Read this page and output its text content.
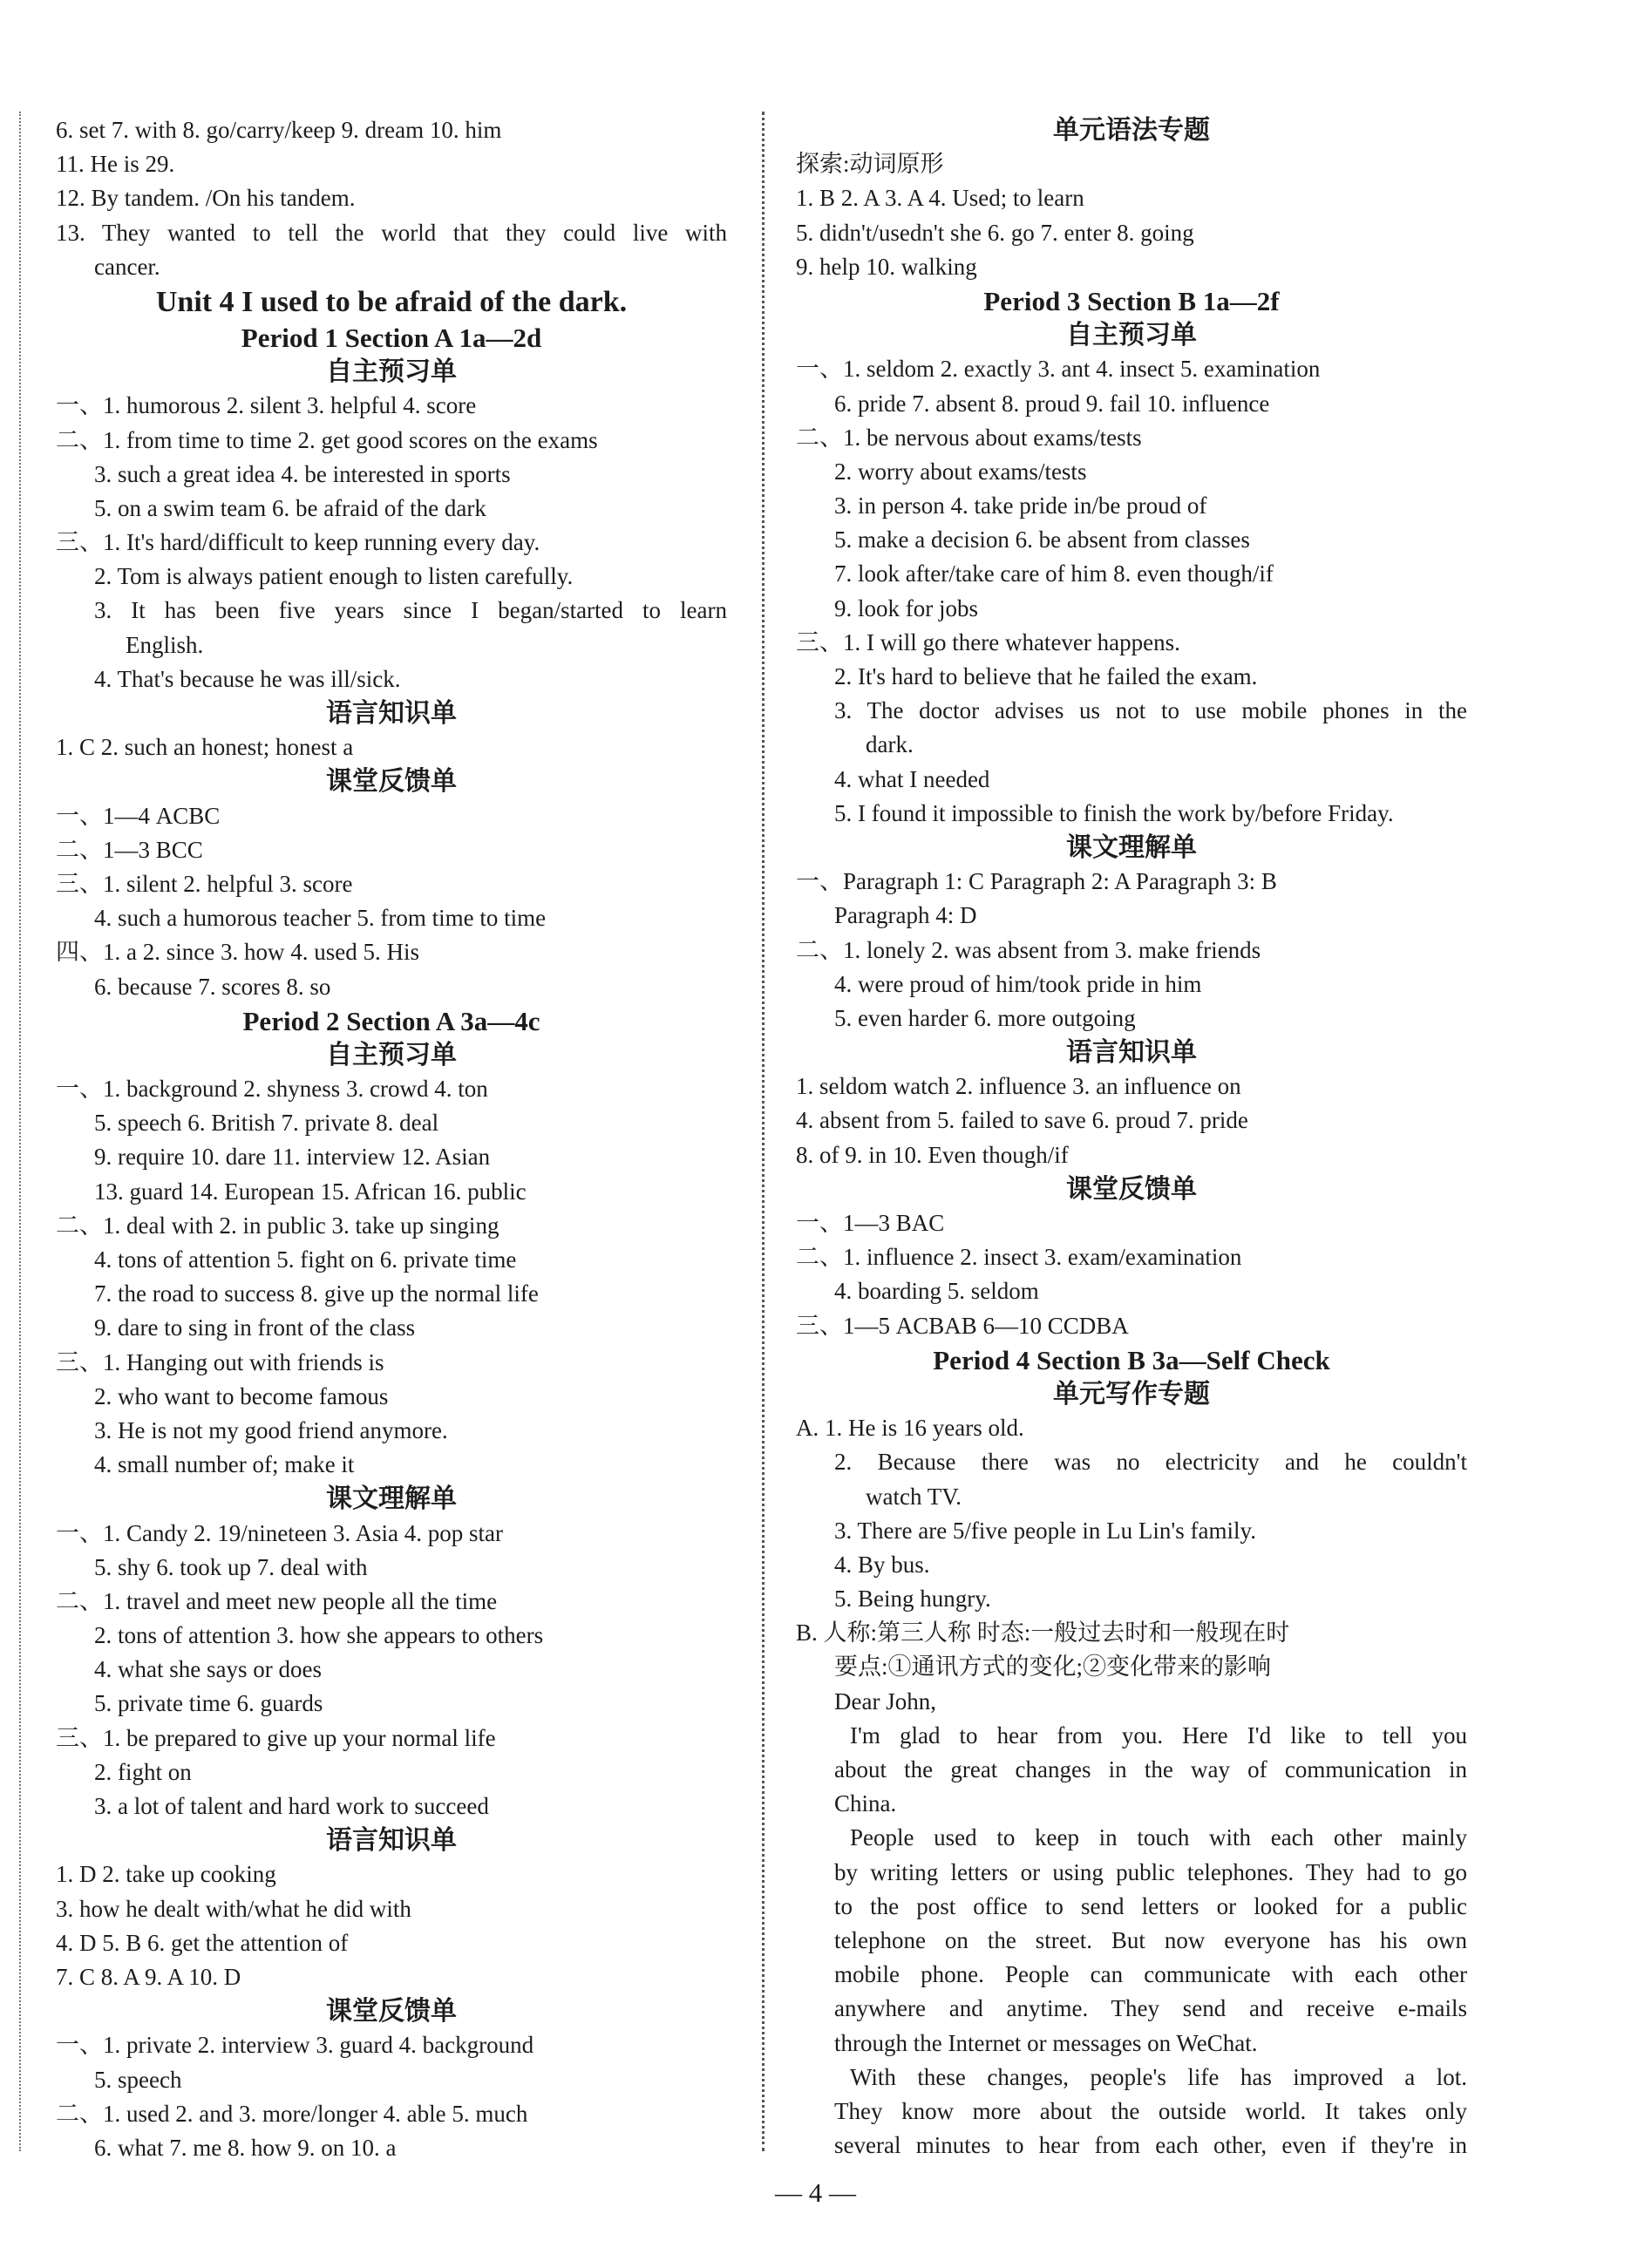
6. set 7. with 8. go/carry/keep 9. dream 10. him
11. He is 29.
12. By tandem. /On his tandem.
13. They wanted to tell the world that they could live with
cancer.
Unit 4 I used to be afraid of the dark.
Period 1 Section A 1a—2d
自主预习单
一、1. humorous 2. silent 3. helpful 4. score
二、1. from time to time 2. get good scores on the exams
3. such a great idea 4. be interested in sports
5. on a swim team 6. be afraid of the dark
三、1. It's hard/difficult to keep running every day.
2. Tom is always patient enough to listen carefully.
3. It has been five years since I began/started to learn
English.
4. That's because he was ill/sick.
语言知识单
1. C 2. such an honest; honest a
课堂反馈单
一、1—4 ACBC
二、1—3 BCC
三、1. silent 2. helpful 3. score
4. such a humorous teacher 5. from time to time
四、1. a 2. since 3. how 4. used 5. His
6. because 7. scores 8. so
Period 2 Section A 3a—4c
自主预习单
一、1. background 2. shyness 3. crowd 4. ton
5. speech 6. British 7. private 8. deal
9. require 10. dare 11. interview 12. Asian
13. guard 14. European 15. African 16. public
二、1. deal with 2. in public 3. take up singing
4. tons of attention 5. fight on 6. private time
7. the road to success 8. give up the normal life
9. dare to sing in front of the class
三、1. Hanging out with friends is
2. who want to become famous
3. He is not my good friend anymore.
4. small number of; make it
课文理解单
一、1. Candy 2. 19/nineteen 3. Asia 4. pop star
5. shy 6. took up 7. deal with
二、1. travel and meet new people all the time
2. tons of attention 3. how she appears to others
4. what she says or does
5. private time 6. guards
三、1. be prepared to give up your normal life
2. fight on
3. a lot of talent and hard work to succeed
语言知识单
1. D 2. take up cooking
3. how he dealt with/what he did with
4. D 5. B 6. get the attention of
7. C 8. A 9. A 10. D
课堂反馈单
一、1. private 2. interview 3. guard 4. background
5. speech
二、1. used 2. and 3. more/longer 4. able 5. much
6. what 7. me 8. how 9. on 10. a
单元语法专题
探索:动词原形
1. B 2. A 3. A 4. Used; to learn
5. didn't/usedn't she 6. go 7. enter 8. going
9. help 10. walking
Period 3 Section B 1a—2f
自主预习单
一、1. seldom 2. exactly 3. ant 4. insect 5. examination
6. pride 7. absent 8. proud 9. fail 10. influence
二、1. be nervous about exams/tests
2. worry about exams/tests
3. in person 4. take pride in/be proud of
5. make a decision 6. be absent from classes
7. look after/take care of him 8. even though/if
9. look for jobs
三、1. I will go there whatever happens.
2. It's hard to believe that he failed the exam.
3. The doctor advises us not to use mobile phones in the
dark.
4. what I needed
5. I found it impossible to finish the work by/before Friday.
课文理解单
一、Paragraph 1: C Paragraph 2: A Paragraph 3: B
Paragraph 4: D
二、1. lonely 2. was absent from 3. make friends
4. were proud of him/took pride in him
5. even harder 6. more outgoing
语言知识单
1. seldom watch 2. influence 3. an influence on
4. absent from 5. failed to save 6. proud 7. pride
8. of 9. in 10. Even though/if
课堂反馈单
一、1—3 BAC
二、1. influence 2. insect 3. exam/examination
4. boarding 5. seldom
三、1—5 ACBAB 6—10 CCDBA
Period 4 Section B 3a—Self Check
单元写作专题
A. 1. He is 16 years old.
2. Because there was no electricity and he couldn't
watch TV.
3. There are 5/five people in Lu Lin's family.
4. By bus.
5. Being hungry.
B. 人称:第三人称 时态:一般过去时和一般现在时
要点:①通讯方式的变化;②变化带来的影响
Dear John,
I'm glad to hear from you. Here I'd like to tell you
about the great changes in the way of communication in
China.
People used to keep in touch with each other mainly
by writing letters or using public telephones. They had to go
to the post office to send letters or looked for a public
telephone on the street. But now everyone has his own
mobile phone. People can communicate with each other
anywhere and anytime. They send and receive e-mails
through the Internet or messages on WeChat.
With these changes, people's life has improved a lot.
They know more about the outside world. It takes only
several minutes to hear from each other, even if they're in
— 4 —
